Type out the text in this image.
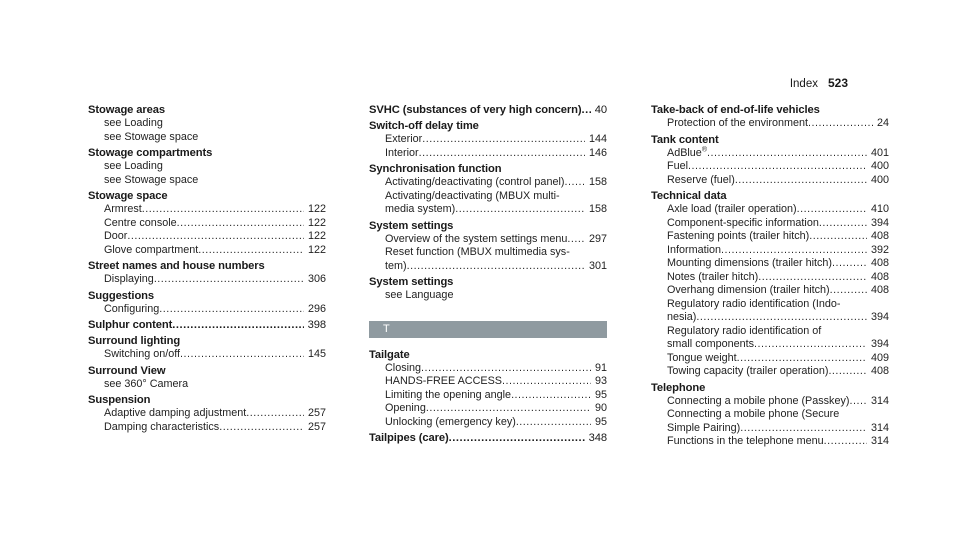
Index 523
Stowage areas
see Loading
see Stowage space
Stowage compartments
see Loading
see Stowage space
Stowage space
Armrest .....	122
Centre console .....	122
Door .....	122
Glove compartment .....	122
Street names and house numbers
Displaying .....	306
Suggestions
Configuring .....	296
Sulphur content .....	398
Surround lighting
Switching on/off .....	145
Surround View
see 360° Camera
Suspension
Adaptive damping adjustment .....	257
Damping characteristics .....	257
SVHC (substances of very high concern) .....	40
Switch-off delay time
Exterior .....	144
Interior .....	146
Synchronisation function
Activating/deactivating (control panel) .....	158
Activating/deactivating (MBUX multi-
media system) .....	158
System settings
Overview of the system settings menu .....	297
Reset function (MBUX multimedia sys-
tem) .....	301
System settings
see Language
T
Tailgate
Closing .....	91
HANDS-FREE ACCESS .....	93
Limiting the opening angle .....	95
Opening .....	90
Unlocking (emergency key) .....	95
Tailpipes (care) .....	348
Take-back of end-of-life vehicles
Protection of the environment .....	24
Tank content
AdBlue® .....	401
Fuel .....	400
Reserve (fuel) .....	400
Technical data
Axle load (trailer operation) .....	410
Component-specific information .....	394
Fastening points (trailer hitch) .....	408
Information .....	392
Mounting dimensions (trailer hitch) .....	408
Notes (trailer hitch) .....	408
Overhang dimension (trailer hitch) .....	408
Regulatory radio identification (Indo-
nesia) .....	394
Regulatory radio identification of
small components .....	394
Tongue weight .....	409
Towing capacity (trailer operation) .....	408
Telephone
Connecting a mobile phone (Passkey) .....	314
Connecting a mobile phone (Secure
Simple Pairing) .....	314
Functions in the telephone menu .....	314
